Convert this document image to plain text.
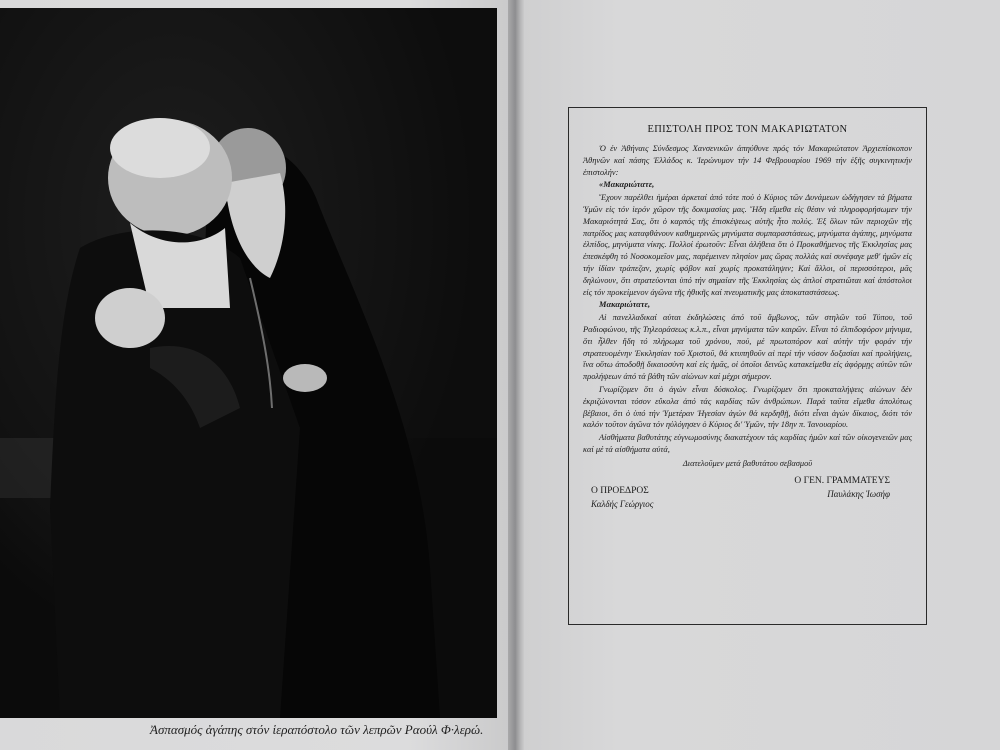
Ἀσπασμός ἀγάπης στόν ἱεραπόστολο τῶν λεπρῶν Ραούλ Φ·λερώ.
ΕΠΙΣΤΟΛΗ ΠΡΟΣ ΤΟΝ ΜΑΚΑΡΙΩΤΑΤΟΝ

Ὁ ἐν Ἀθήναις Σύνδεσμος Χανσενικῶν ἀπηύθυνε πρός τόν Μακαριώτατον Ἀρχιεπίσκοπον Ἀθηνῶν καί πάσης Ἑλλάδος κ. Ἱερώνυμον τήν 14 Φεβρουαρίου 1969 τήν ἑξῆς συγκινητικήν ἐπιστολήν:

«Μακαριώτατε,

Ἔχουν παρέλθει ἡμέραι ἀρκεταί ἀπό τότε πού ὁ Κύριος τῶν Δυνάμεων ὡδήγησεν τά βήματα Ὑμῶν εἰς τόν ἱερόν χῶρον τῆς δοκιμασίας μας. Ἤδη εἴμεθα εἰς θέσιν νά πληροφορήσωμεν τήν Μακαριότητά Σας, ὅτι ὁ καρπός τῆς ἐπισκέψεως αὐτῆς ἦτο πολύς. Ἐξ ὅλων τῶν περιοχῶν τῆς πατρίδος μας καταφθάνουν καθημερινῶς μηνύματα συμπαραστάσεως, μηνύματα ἀγάπης, μηνύματα ἐλπίδος, μηνύματα νίκης. Πολλοί ἐρωτοῦν: Εἶναι ἀλήθεια ὅτι ὁ Προκαθήμενος τῆς Ἐκκλησίας μας ἐπεσκέφθη τό Νοσοκομεῖον μας, παρέμεινεν πλησίον μας ὥρας πολλάς καί συνέφαγε μεθ' ἡμῶν εἰς τήν ἰδίαν τράπεζαν, χωρίς φόβον καί χωρίς προκατάληψιν; Καί ἄλλοι, οἱ περισσότεροι, μᾶς δηλώνουν, ὅτι στρατεύονται ὑπό τήν σημαίαν τῆς Ἐκκλησίας ὡς ἁπλοί στρατιῶται καί ἀπόστολοι εἰς τόν προκείμενον ἀγῶνα τῆς ἠθικῆς καί πνευματικῆς μας ἀποκαταστάσεως.

Μακαριώτατε,

Αἱ πανελλαδικαί αὐται ἐκδηλώσεις ἀπό τοῦ ἄμβωνος, τῶν στηλῶν τοῦ Τύπου, τοῦ Ραδιοφώνου, τῆς Τηλεοράσεως κ.λ.π., εἶναι μηνύματα τῶν καιρῶν. Εἶναι τό ἐλπιδοφόρον μήνυμα, ὅτι ἦλθεν ἤδη τό πλήρωμα τοῦ χρόνου, πού, μέ πρωτοπόρον καί αὐτήν τήν φοράν τήν στρατευομένην Ἐκκλησίαν τοῦ Χριστοῦ, θά κτυπηθοῦν αἱ περί τήν νόσον δοξασίαι καί προλήψεις, ἵνα οὕτω ἀποδοθῇ δικαιοσύνη καί εἰς ἡμᾶς, οἱ ὁποῖοι δεινῶς κατακείμεθα εἰς ἀφόρμῃς αὐτῶν τῶν προλήψεων ἀπό τά βάθη τῶν αἰώνων καί μέχρι σήμερον.

Γνωρίζομεν ὅτι ὁ ἀγών εἶναι δύσκολος. Γνωρίζομεν ὅτι προκαταλήψεις αἰώνων δέν ἐκριζώνονται τόσον εὔκολα ἀπό τάς καρδίας τῶν ἀνθρώπων. Παρά ταῦτα εἴμεθα ἀπολύτως βέβαιοι, ὅτι ὁ ὑπό τήν Ὑμετέραν Ἡγεσίαν ἀγών θά κερδηθῇ, διότι εἶναι ἀγών δίκαιος, διότι τόν καλόν τοῦτον ἀγῶνα τόν ηὐλόγησεν ὁ Κύριος δι' Ὑμῶν, τήν 18ην π. Ἰανουαρίου.

Αἰσθήματα βαθυτάτης εὐγνωμοσύνης διακατέχουν τάς καρδίας ἡμῶν καί τῶν οἰκογενειῶν μας καί μέ τά αἰσθήματα αὐτά,

Διατελοῦμεν μετά βαθυτάτου σεβασμοῦ

Ο ΠΡΟΕΔΡΟΣ
Καλδής Γεώργιος
Ο ΓΕΝ. ΓΡΑΜΜΑΤΕΥΣ
Παυλάκης Ἰωσήφ
